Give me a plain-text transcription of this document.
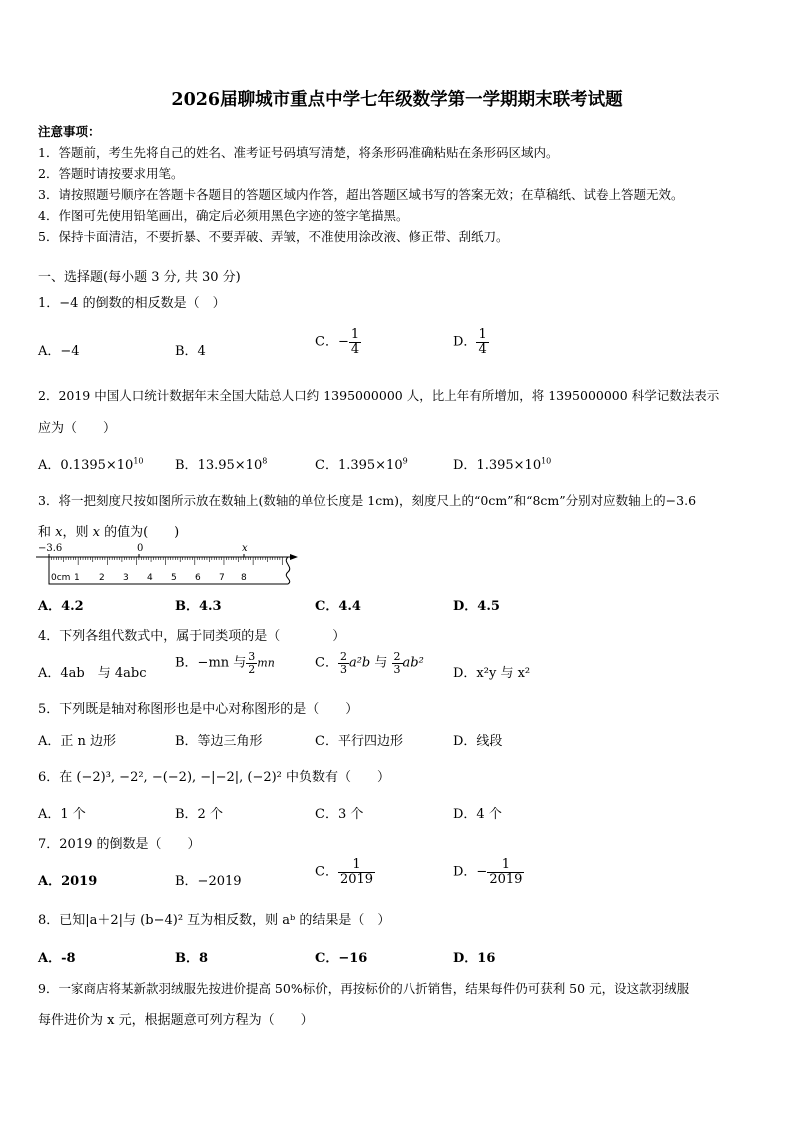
2026届聊城市重点中学七年级数学第一学期期末联考试题
注意事项：
1．答题前，考生先将自己的姓名、准考证号码填写清楚，将条形码准确粘贴在条形码区域内。
2．答题时请按要求用笔。
3．请按照题号顺序在答题卡各题目的答题区域内作答，超出答题区域书写的答案无效；在草稿纸、试卷上答题无效。
4．作图可先使用铅笔画出，确定后必须用黑色字迹的签字笔描黑。
5．保持卡面清洁，不要折暴、不要弄破、弄皱，不准使用涂改液、修正带、刮纸刀。
一、选择题(每小题 3 分, 共 30 分)
1．−4 的倒数的相反数是（　）
A．−4	B．4
C．− $\frac{1}{4}$	D． $\frac{1}{4}$
2．2019 中国人口统计数据年末全国大陆总人口约 1395000000 人，比上年有所增加，将 1395000000 科学记数法表示
应为（　　）
A．$0.1395\times 10^{10}$ B．$13.95\times 10^8$	C．$1.395\times 10^9$	D．$1.395\times 10^{10}$
3．将一把刻度尺按如图所示放在数轴上(数轴的单位长度是 1cm)，刻度尺上的“0cm”和“8cm”分别对应数轴上的−3.6
和 x，则 x 的值为(　　)
−3.6	0	x
0cm 1 2 3 4 5 6 7 8
A．4.2	B．4.3	C．4.4	D．4.5
4．下列各组代数式中，属于同类项的是（　　　　）
A．4ab　与 4abc
B．−mn 与 $\frac{3}{2}$ mn	C． $\frac{2}{3} a^2b$ 与 $\frac{2}{3} ab^2$
D．x²y 与 x²
5．下列既是轴对称图形也是中心对称图形的是（　　）
A．正 n 边形	B．等边三角形	C．平行四边形	D．线段
6．在 (−2)³, −2², −(−2), −|−2|, (−2)² 中负数有（　　）
A．1 个	B．2 个	C．3 个	D．4 个
7．2019 的倒数是（　　）
A．2019	B．−2019
C． $\frac{1}{2019}$	D．− $\frac{1}{2019}$
8．已知|a＋2|与 (b−4)² 互为相反数，则 aᵇ 的结果是（　）
A．-8	B．8	C．−16	D．16
9．一家商店将某新款羽绒服先按进价提高 50%标价，再按标价的八折销售，结果每件仍可获利 50 元，设这款羽绒服
每件进价为 x 元，根据题意可列方程为（　　）
